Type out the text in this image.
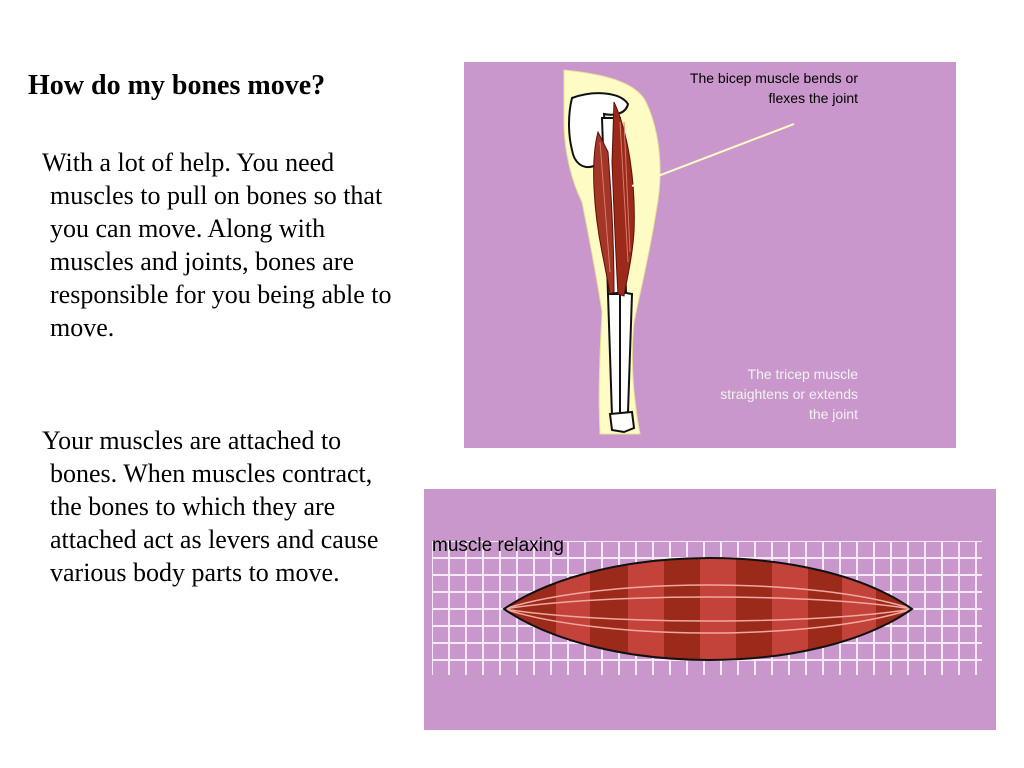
How do my bones move?
With a lot of help. You need muscles to pull on bones so that you can move. Along with muscles and joints, bones are responsible for you being able to move.
Your muscles are attached to bones. When muscles contract, the bones to which they are attached act as levers and cause various body parts to move.
The bicep muscle bends or flexes the joint
The tricep muscle straightens or extends the joint
muscle relaxing
